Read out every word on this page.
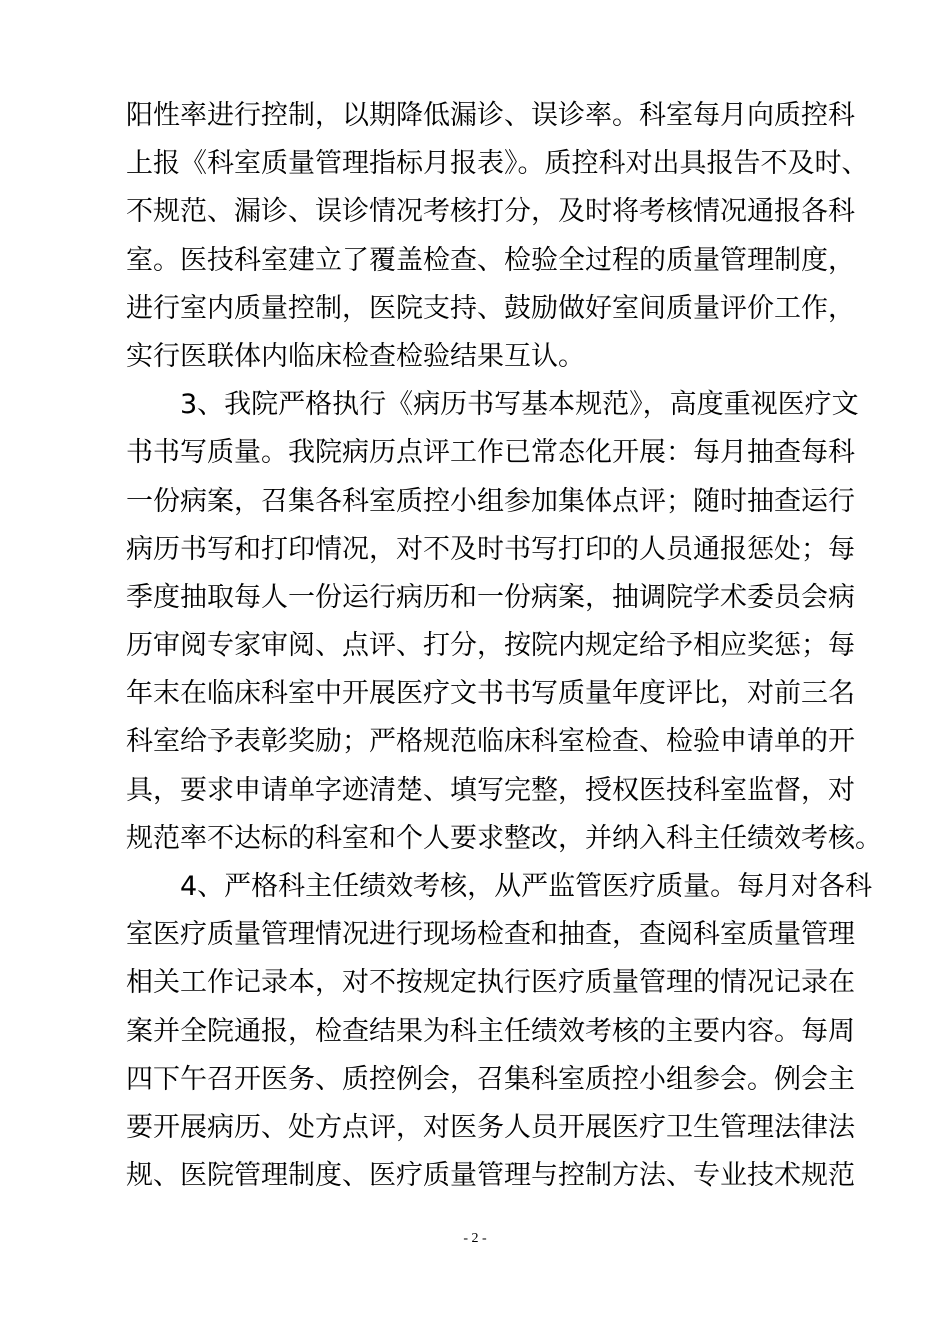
阳性率进行控制，以期降低漏诊、误诊率。科室每月向质控科
上报《科室质量管理指标月报表》。质控科对出具报告不及时、
不规范、漏诊、误诊情况考核打分，及时将考核情况通报各科
室。医技科室建立了覆盖检查、检验全过程的质量管理制度，
进行室内质量控制，医院支持、鼓励做好室间质量评价工作，
实行医联体内临床检查检验结果互认。
　　3、我院严格执行《病历书写基本规范》，高度重视医疗文
书书写质量。我院病历点评工作已常态化开展：每月抽查每科
一份病案，召集各科室质控小组参加集体点评；随时抽查运行
病历书写和打印情况，对不及时书写打印的人员通报惩处；每
季度抽取每人一份运行病历和一份病案，抽调院学术委员会病
历审阅专家审阅、点评、打分，按院内规定给予相应奖惩；每
年末在临床科室中开展医疗文书书写质量年度评比，对前三名
科室给予表彰奖励；严格规范临床科室检查、检验申请单的开
具，要求申请单字迹清楚、填写完整，授权医技科室监督，对
规范率不达标的科室和个人要求整改，并纳入科主任绩效考核。
　　4、严格科主任绩效考核，从严监管医疗质量。每月对各科
室医疗质量管理情况进行现场检查和抽查，查阅科室质量管理
相关工作记录本，对不按规定执行医疗质量管理的情况记录在
案并全院通报，检查结果为科主任绩效考核的主要内容。每周
四下午召开医务、质控例会，召集科室质控小组参会。例会主
要开展病历、处方点评，对医务人员开展医疗卫生管理法律法
规、医院管理制度、医疗质量管理与控制方法、专业技术规范
- 2 -
